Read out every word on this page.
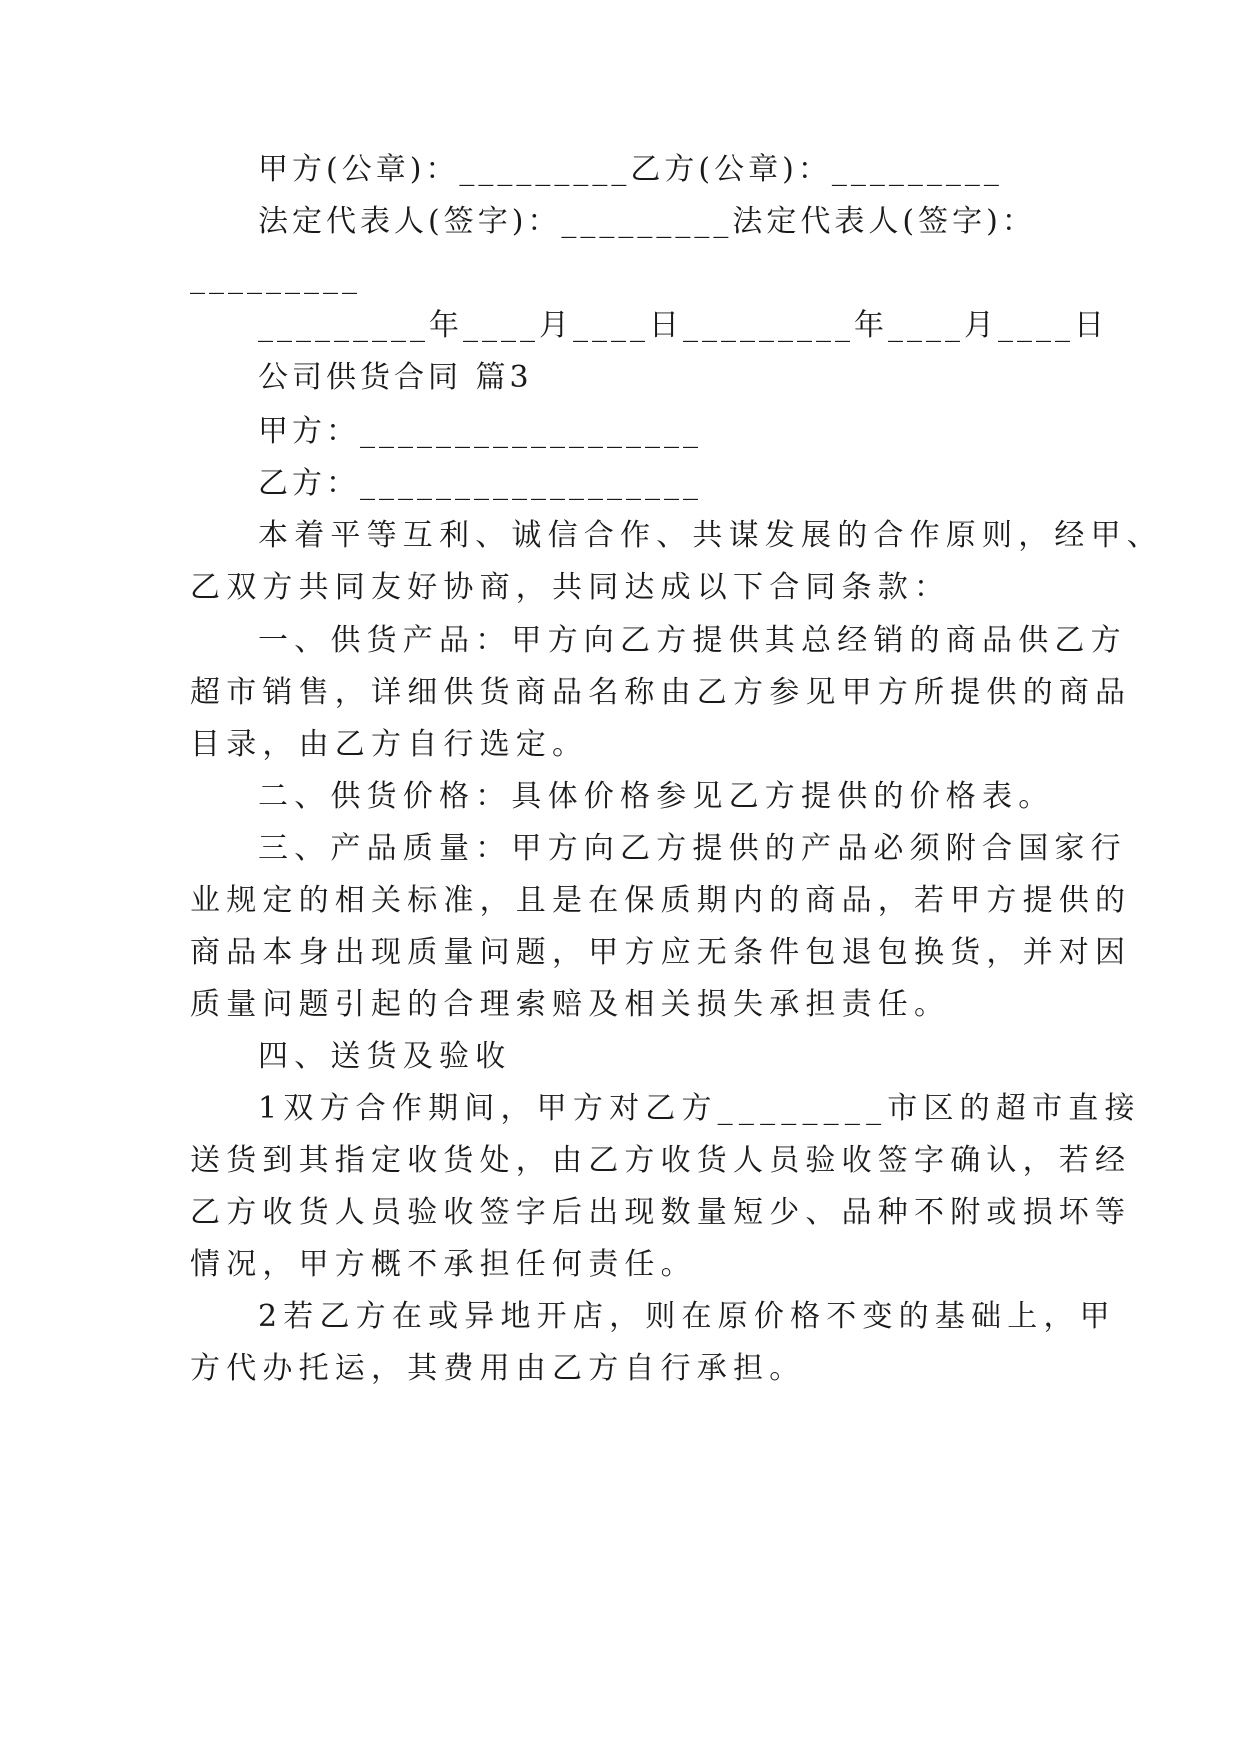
甲方(公章)：_________乙方(公章)：_________
法定代表人(签字)：_________法定代表人(签字)：
_________
_________年____月____日_________年____月____日
公司供货合同 篇3
甲方：__________________
乙方：__________________
本着平等互利、诚信合作、共谋发展的合作原则，经甲、
乙双方共同友好协商，共同达成以下合同条款：
一、供货产品：甲方向乙方提供其总经销的商品供乙方
超市销售，详细供货商品名称由乙方参见甲方所提供的商品
目录，由乙方自行选定。
二、供货价格：具体价格参见乙方提供的价格表。
三、产品质量：甲方向乙方提供的产品必须附合国家行
业规定的相关标准，且是在保质期内的商品，若甲方提供的
商品本身出现质量问题，甲方应无条件包退包换货，并对因
质量问题引起的合理索赔及相关损失承担责任。
四、送货及验收
1双方合作期间，甲方对乙方________市区的超市直接
送货到其指定收货处，由乙方收货人员验收签字确认，若经
乙方收货人员验收签字后出现数量短少、品种不附或损坏等
情况，甲方概不承担任何责任。
2若乙方在或异地开店，则在原价格不变的基础上，甲
方代办托运，其费用由乙方自行承担。
